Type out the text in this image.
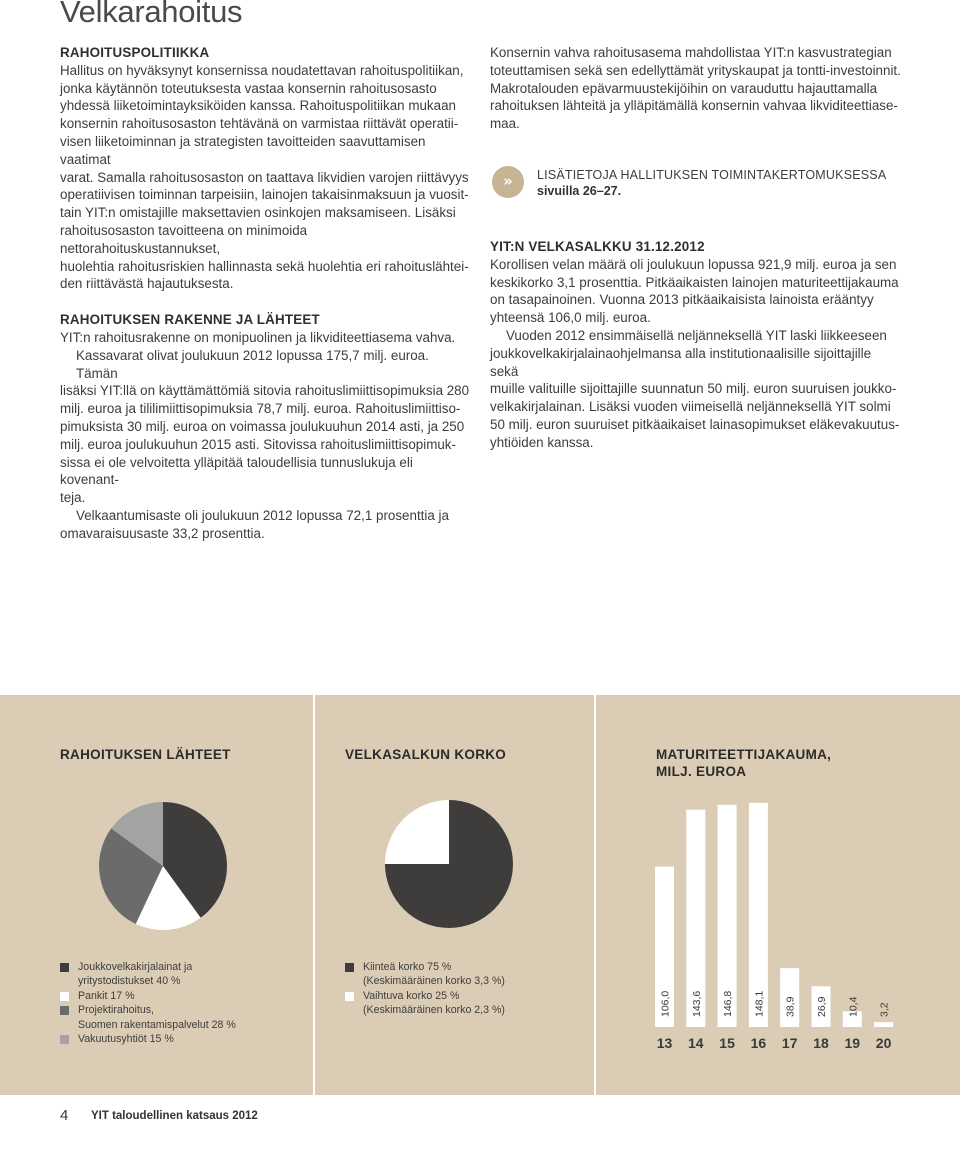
Velkarahoitus

RAHOITUSPOLITIIKKA

Hallitus on hyväksynyt konsernissa noudatettavan rahoituspolitiikan,
jonka käytännön toteutuksesta vastaa konsernin rahoitusosasto
yhdessä liiketoimintayksiköiden kanssa. Rahoituspolitiikan mukaan
konsernin rahoitusosaston tehtävänä on varmistaa riittävät operatii-
visen liiketoiminnan ja strategisten tavoitteiden saavuttamisen vaatimat
varat. Samalla rahoitusosaston on taattava likvidien varojen riittävyys
operatiivisen toiminnan tarpeisiin, lainojen takaisinmaksuun ja vuosit-
tain YIT:n omistajille maksettavien osinkojen maksamiseen. Lisäksi
rahoitusosaston tavoitteena on minimoida nettorahoituskustannukset,
huolehtia rahoitusriskien hallinnasta sekä huolehtia eri rahoituslähtei-
den riittävästä hajautuksesta.

RAHOITUKSEN RAKENNE JA LÄHTEET

YIT:n rahoitusrakenne on monipuolinen ja likviditeettiasema vahva.
Kassavarat olivat joulukuun 2012 lopussa 175,7 milj. euroa. Tämän
lisäksi YIT:llä on käyttämättömiä sitovia rahoituslimiittisopimuksia 280
milj. euroa ja tililimiittisopimuksia 78,7 milj. euroa. Rahoituslimiittiso-
pimuksista 30 milj. euroa on voimassa joulukuuhun 2014 asti, ja 250
milj. euroa joulukuuhun 2015 asti. Sitovissa rahoituslimiittisopimuk-
sissa ei ole velvoitetta ylläpitää taloudellisia tunnuslukuja eli kovenant-
teja.
Velkaantumisaste oli joulukuun 2012 lopussa 72,1 prosenttia ja
omavaraisuusaste 33,2 prosenttia.
Konsernin vahva rahoitusasema mahdollistaa YIT:n kasvustrategian
toteuttamisen sekä sen edellyttämät yrityskaupat ja tontti-investoinnit.
Makrotalouden epävarmuustekijöihin on varauduttu hajauttamalla
rahoituksen lähteitä ja ylläpitämällä konsernin vahvaa likviditeettiase-
maa.
»	LISÄTIETOJA HALLITUKSEN TOIMINTAKERTOMUKSESSA
sivuilla 26–27.

YIT:N VELKASALKKU 31.12.2012

Korollisen velan määrä oli joulukuun lopussa 921,9 milj. euroa ja sen
keskikorko 3,1 prosenttia. Pitkäaikaisten lainojen maturiteettijakauma
on tasapainoinen. Vuonna 2013 pitkäaikaisista lainoista erääntyy
yhteensä 106,0 milj. euroa.
Vuoden 2012 ensimmäisellä neljänneksellä YIT laski liikkeeseen
joukkovelkakirjalainaohjelmansa alla institutionaalisille sijoittajille sekä
muille valituille sijoittajille suunnatun 50 milj. euron suuruisen joukko-
velkakirjalainan. Lisäksi vuoden viimeisellä neljänneksellä YIT solmi
50 milj. euron suuruiset pitkäaikaiset lainasopimukset eläkevakuutus-
yhtiöiden kanssa.
RAHOITUKSEN LÄHTEET
Joukkovelkakirjalainat ja
yritystodistukset 40 %
Pankit 17 %
Projektirahoitus,
Suomen rakentamispalvelut 28 %
Vakuutusyhtiöt 15 %
VELKASALKUN KORKO
Kiinteä korko 75 %
(Keskimääräinen korko 3,3 %)
Vaihtuva korko 25 %
(Keskimääräinen korko 2,3 %)
MATURITEETTIJAKAUMA,
MILJ. EUROA
106,0
13
143,6
14
146,8
15
148,1
16
38,9
17
26,9
18
10,4
19
3,2
20
4 YIT taloudellinen katsaus 2012
